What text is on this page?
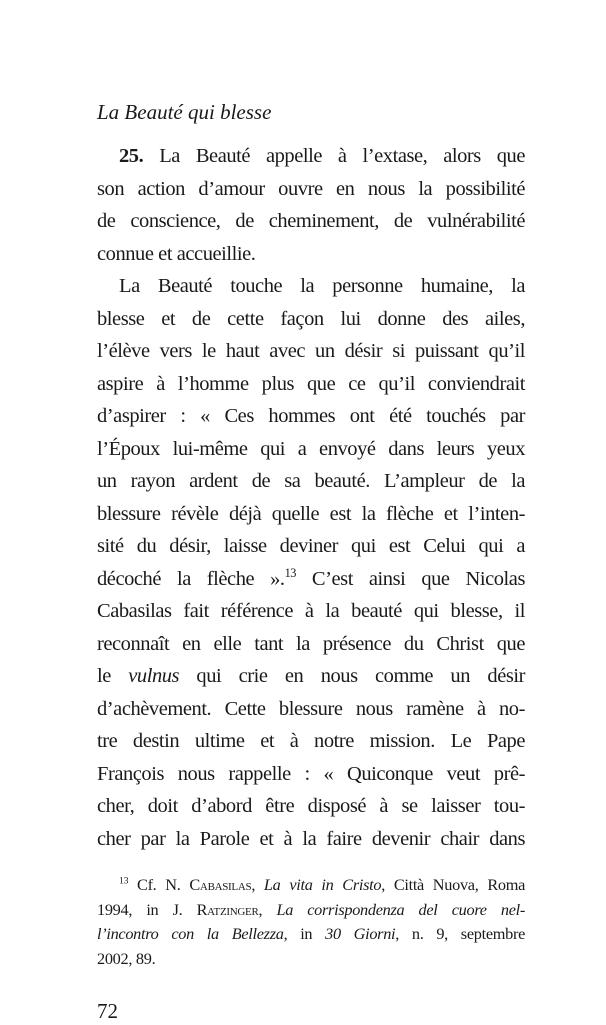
La Beauté qui blesse
25. La Beauté appelle à l’extase, alors que
son action d’amour ouvre en nous la possibilité
de conscience, de cheminement, de vulnérabilité
connue et accueillie.
La Beauté touche la personne humaine, la
blesse et de cette façon lui donne des ailes,
l’élève vers le haut avec un désir si puissant qu’il
aspire à l’homme plus que ce qu’il conviendrait
d’aspirer : « Ces hommes ont été touchés par
l’Époux lui-même qui a envoyé dans leurs yeux
un rayon ardent de sa beauté. L’ampleur de la
blessure révèle déjà quelle est la flèche et l’inten-
sité du désir, laisse deviner qui est Celui qui a
décoché la flèche ».$^{13}$ C’est ainsi que Nicolas
Cabasilas fait référence à la beauté qui blesse, il
reconnaît en elle tant la présence du Christ que
le vulnus qui crie en nous comme un désir
d’achèvement. Cette blessure nous ramène à no-
tre destin ultime et à notre mission. Le Pape
François nous rappelle : « Quiconque veut prê-
cher, doit d’abord être disposé à se laisser tou-
cher par la Parole et à la faire devenir chair dans
$^{13}$ Cf. N. Cabasilas, La vita in Cristo, Città Nuova, Roma
1994, in J. Ratzinger, La corrispondenza del cuore nel-
l’incontro con la Bellezza, in 30 Giorni, n. 9, septembre
2002, 89.
72
